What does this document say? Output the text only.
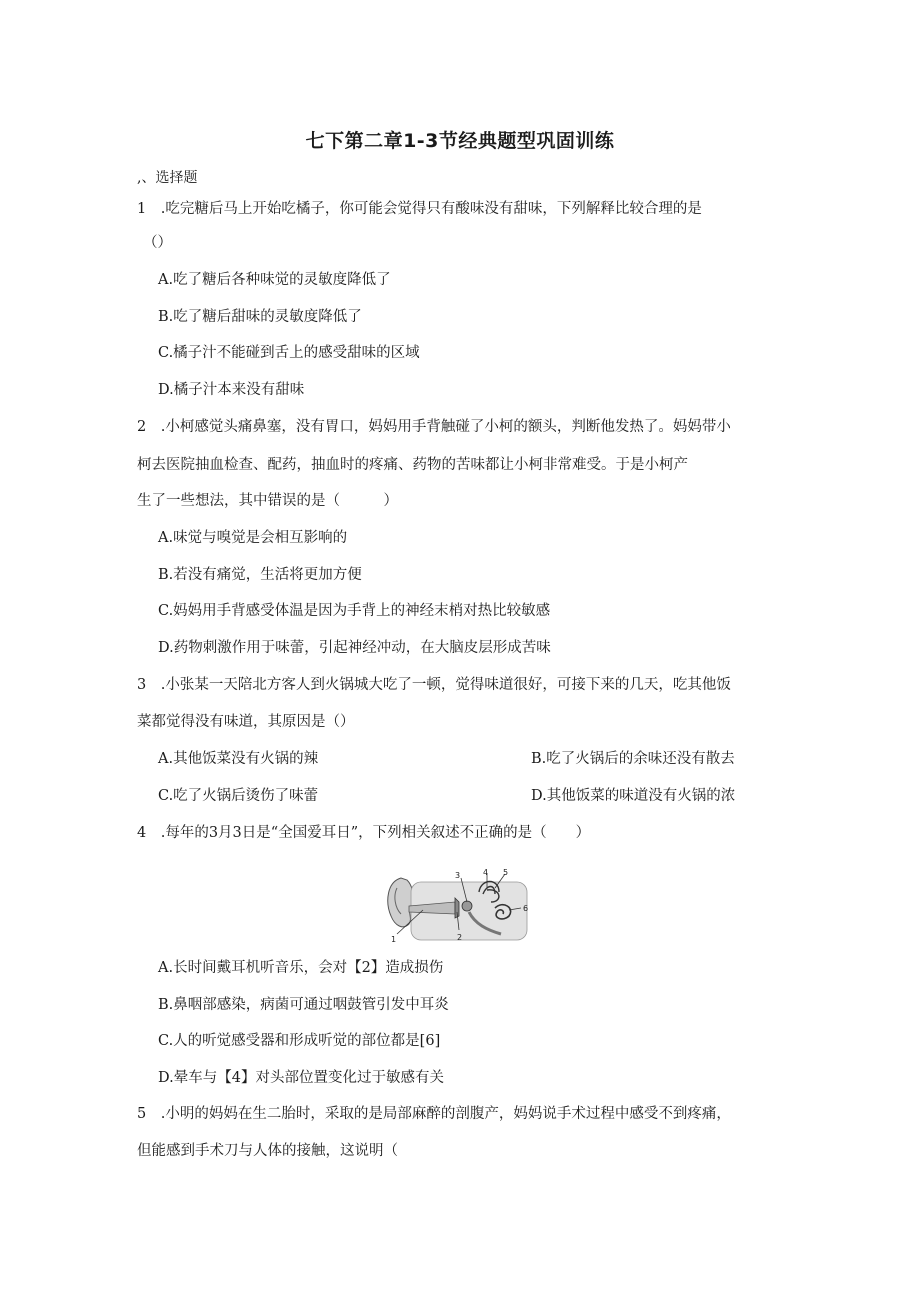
七下第二章1-3节经典题型巩固训练
,、选择题
1　.吃完糖后马上开始吃橘子，你可能会觉得只有酸味没有甜味，下列解释比较合理的是
（）
A.吃了糖后各种味觉的灵敏度降低了
B.吃了糖后甜味的灵敏度降低了
C.橘子汁不能碰到舌上的感受甜味的区域
D.橘子汁本来没有甜味
2　.小柯感觉头痛鼻塞，没有胃口，妈妈用手背触碰了小柯的额头，判断他发热了。妈妈带小
柯去医院抽血检查、配药，抽血时的疼痛、药物的苦味都让小柯非常难受。于是小柯产
生了一些想法，其中错误的是（　　　）
A.味觉与嗅觉是会相互影响的
B.若没有痛觉，生活将更加方便
C.妈妈用手背感受体温是因为手背上的神经末梢对热比较敏感
D.药物刺激作用于味蕾，引起神经冲动，在大脑皮层形成苦味
3　.小张某一天陪北方客人到火锅城大吃了一顿，觉得味道很好，可接下来的几天，吃其他饭
菜都觉得没有味道，其原因是（）
A.其他饭菜没有火锅的辣	B.吃了火锅后的余味还没有散去
C.吃了火锅后烫伤了味蕾	D.其他饭菜的味道没有火锅的浓
4　.每年的3月3日是“全国爱耳日”，下列相关叙述不正确的是（　　）
1	2
3	4 5
6
A.长时间戴耳机听音乐，会对【2】造成损伤
B.鼻咽部感染，病菌可通过咽鼓管引发中耳炎
C.人的听觉感受器和形成听觉的部位都是[6]
D.晕车与【4】对头部位置变化过于敏感有关
5　.小明的妈妈在生二胎时，采取的是局部麻醉的剖腹产，妈妈说手术过程中感受不到疼痛，
但能感到手术刀与人体的接触，这说明（
